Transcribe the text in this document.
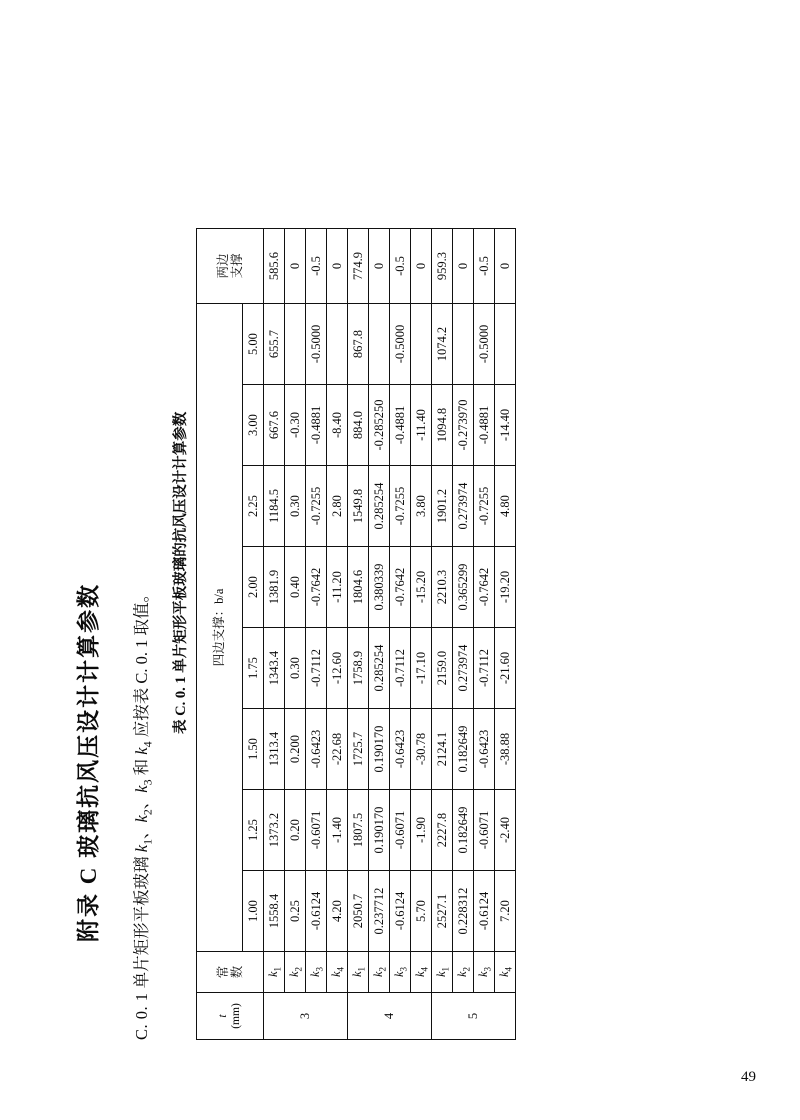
附录 C 玻璃抗风压设计计算参数
C. 0. 1 单片矩形平板玻璃 $k_1$、$k_2$、$k_3$ 和 $k_4$ 应按表 C. 0. 1 取值。 表 C. 0. 1 单片矩形平板玻璃的抗风压设计计算参数
t
(mm)	常
数	四边支撑：b/a								两边
支撑
		1.00	1.25	1.50	1.75	2.00	2.25	3.00	5.00	
3	$k_1$	1558.4	1373.2	1313.4	1343.4	1381.9	1184.5	667.6	655.7	585.6
	$k_2$	0.25	0.20	0.200	0.30	0.40	0.30	-0.30		0
	$k_3$	-0.6124	-0.6071	-0.6423	-0.7112	-0.7642	-0.7255	-0.4881	-0.5000	-0.5
	$k_4$	4.20	-1.40	-22.68	-12.60	-11.20	2.80	-8.40		0
4	$k_1$	2050.7	1807.5	1725.7	1758.9	1804.6	1549.8	884.0	867.8	774.9
	$k_2$	0.237712	0.190170	0.190170	0.285254	0.380339	0.285254	-0.285250		0
	$k_3$	-0.6124	-0.6071	-0.6423	-0.7112	-0.7642	-0.7255	-0.4881	-0.5000	-0.5
	$k_4$	5.70	-1.90	-30.78	-17.10	-15.20	3.80	-11.40		0
5	$k_1$	2527.1	2227.8	2124.1	2159.0	2210.3	1901.2	1094.8	1074.2	959.3
	$k_2$	0.228312	0.182649	0.182649	0.273974	0.365299	0.273974	-0.273970		0
	$k_3$	-0.6124	-0.6071	-0.6423	-0.7112	-0.7642	-0.7255	-0.4881	-0.5000	-0.5
	$k_4$	7.20	-2.40	-38.88	-21.60	-19.20	4.80	-14.40		0
49
